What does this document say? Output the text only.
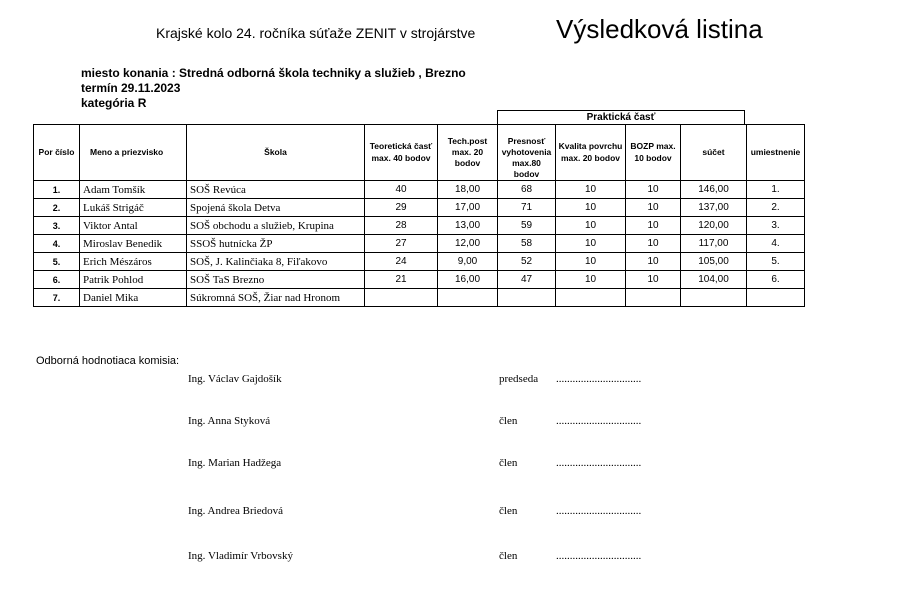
Krajské kolo 24. ročníka súťaže ZENIT v strojárstve	Výsledková listina
miesto konania : Stredná odborná škola techniky a služieb , Brezno
termín 29.11.2023
kategória R
Praktická časť
Por číslo	Meno a priezvisko	Škola	Teoretická časť max. 40 bodov	Tech.post max. 20 bodov	Presnosť vyhotovenia max.80 bodov	Kvalita povrchu max. 20 bodov	BOZP max. 10 bodov	súčet	umiestnenie
1.	Adam Tomšík	SOŠ Revúca	40	18,00	68	10	10	146,00	1.
2.	Lukáš Strigáč	Spojená škola Detva	29	17,00	71	10	10	137,00	2.
3.	Viktor Antal	SOŠ obchodu a služieb, Krupina	28	13,00	59	10	10	120,00	3.
4.	Miroslav Benedik	SSOŠ hutnícka ŽP	27	12,00	58	10	10	117,00	4.
5.	Erich Mészáros	SOŠ, J. Kalinčiaka 8, Fiľakovo	24	9,00	52	10	10	105,00	5.
6.	Patrik Pohlod	SOŠ TaS Brezno	21	16,00	47	10	10	104,00	6.
7.	Daniel Mika	Súkromná SOŠ, Žiar nad Hronom							
Odborná hodnotiaca komisia:
Ing. Václav Gajdošík	predseda ...............................
Ing. Anna Styková	člen	...............................
Ing. Marian Hadžega	člen	...............................
Ing. Andrea Briedová	člen	...............................
Ing. Vladimír Vrbovský	člen	...............................
